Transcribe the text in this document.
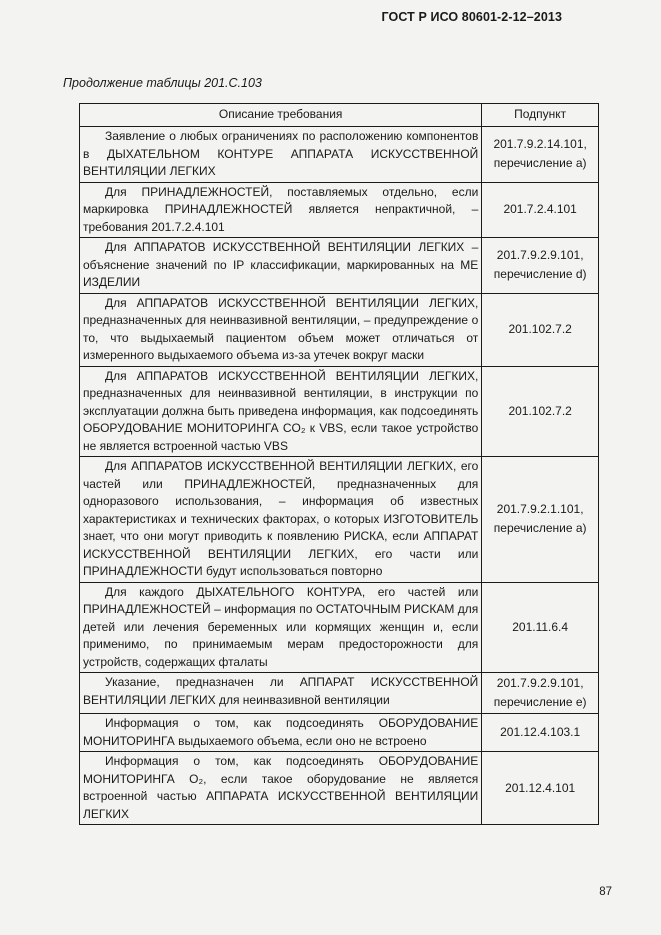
ГОСТ Р ИСО 80601-2-12–2013
Продолжение таблицы 201.С.103
Описание требования	Подпункт
Заявление о любых ограничениях по расположению компонентов в ДЫХАТЕЛЬНОМ КОНТУРЕ АППАРАТА ИСКУССТВЕННОЙ ВЕНТИЛЯЦИИ ЛЕГКИХ	201.7.9.2.14.101, перечисление a)
Для ПРИНАДЛЕЖНОСТЕЙ, поставляемых отдельно, если маркировка ПРИНАДЛЕЖНОСТЕЙ является непрактичной, – требования 201.7.2.4.101	201.7.2.4.101
Для АППАРАТОВ ИСКУССТВЕННОЙ ВЕНТИЛЯЦИИ ЛЕГКИХ – объяснение значений по IP классификации, маркированных на МЕ ИЗДЕЛИИ	201.7.9.2.9.101, перечисление d)
Для АППАРАТОВ ИСКУССТВЕННОЙ ВЕНТИЛЯЦИИ ЛЕГКИХ, предназначенных для неинвазивной вентиляции, – предупреждение о то, что выдыхаемый пациентом объем может отличаться от измеренного выдыхаемого объема из-за утечек вокруг маски	201.102.7.2
Для АППАРАТОВ ИСКУССТВЕННОЙ ВЕНТИЛЯЦИИ ЛЕГКИХ, предназначенных для неинвазивной вентиляции, в инструкции по эксплуатации должна быть приведена информация, как подсоединять ОБОРУДОВАНИЕ МОНИТОРИНГА CO₂ к VBS, если такое устройство не является встроенной частью VBS	201.102.7.2
Для АППАРАТОВ ИСКУССТВЕННОЙ ВЕНТИЛЯЦИИ ЛЕГКИХ, его частей или ПРИНАДЛЕЖНОСТЕЙ, предназначенных для одноразового использования, – информация об известных характеристиках и технических факторах, о которых ИЗГОТОВИТЕЛЬ знает, что они могут приводить к появлению РИСКА, если АППАРАТ ИСКУССТВЕННОЙ ВЕНТИЛЯЦИИ ЛЕГКИХ, его части или ПРИНАДЛЕЖНОСТИ будут использоваться повторно	201.7.9.2.1.101, перечисление a)
Для каждого ДЫХАТЕЛЬНОГО КОНТУРА, его частей или ПРИНАДЛЕЖНОСТЕЙ – информация по ОСТАТОЧНЫМ РИСКАМ для детей или лечения беременных или кормящих женщин и, если применимо, по принимаемым мерам предосторожности для устройств, содержащих фталаты	201.11.6.4
Указание, предназначен ли АППАРАТ ИСКУССТВЕННОЙ ВЕНТИЛЯЦИИ ЛЕГКИХ для неинвазивной вентиляции	201.7.9.2.9.101, перечисление e)
Информация о том, как подсоединять ОБОРУДОВАНИЕ МОНИТОРИНГА выдыхаемого объема, если оно не встроено	201.12.4.103.1
Информация о том, как подсоединять ОБОРУДОВАНИЕ МОНИТОРИНГА O₂, если такое оборудование не является встроенной частью АППАРАТА ИСКУССТВЕННОЙ ВЕНТИЛЯЦИИ ЛЕГКИХ	201.12.4.101
87
